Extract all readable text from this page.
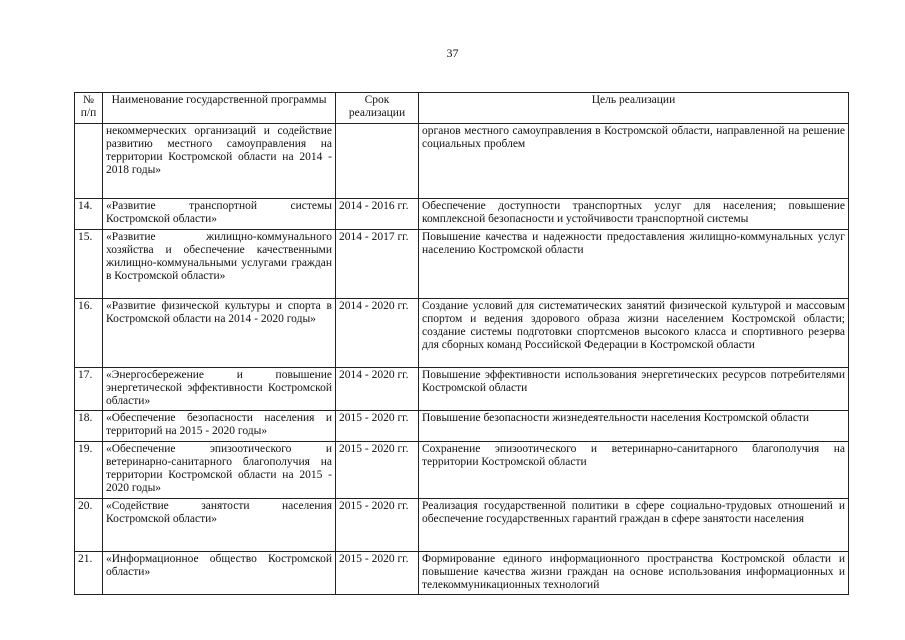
37
№ п/п	Наименование государственной программы	Срок реализации	Цель реализации
	некоммерческих организаций и содействие развитию местного самоуправления на территории Костромской области на 2014 - 2018 годы»		органов местного самоуправления в Костромской области, направленной на решение социальных проблем
14.	«Развитие транспортной системы Костромской области»	2014 - 2016 гг.	Обеспечение доступности транспортных услуг для населения; повышение комплексной безопасности и устойчивости транспортной системы
15.	«Развитие жилищно-коммунального хозяйства и обеспечение качественными жилищно-коммунальными услугами граждан в Костромской области»	2014 - 2017 гг.	Повышение качества и надежности предоставления жилищно-коммунальных услуг населению Костромской области
16.	«Развитие физической культуры и спорта в Костромской области на 2014 - 2020 годы»	2014 - 2020 гг.	Создание условий для систематических занятий физической культурой и массовым спортом и ведения здорового образа жизни населением Костромской области; создание системы подготовки спортсменов высокого класса и спортивного резерва для сборных команд Российской Федерации в Костромской области
17.	«Энергосбережение и повышение энергетической эффективности Костромской области»	2014 - 2020 гг.	Повышение эффективности использования энергетических ресурсов потребителями Костромской области
18.	«Обеспечение безопасности населения и территорий на 2015 - 2020 годы»	2015 - 2020 гг.	Повышение безопасности жизнедеятельности населения Костромской области
19.	«Обеспечение эпизоотического и ветеринарно-санитарного благополучия на территории Костромской области на 2015 - 2020 годы»	2015 - 2020 гг.	Сохранение эпизоотического и ветеринарно-санитарного благополучия на территории Костромской области
20.	«Содействие занятости населения Костромской области»	2015 - 2020 гг.	Реализация государственной политики в сфере социально-трудовых отношений и обеспечение государственных гарантий граждан в сфере занятости населения
21.	«Информационное общество Костромской области»	2015 - 2020 гг.	Формирование единого информационного пространства Костромской области и повышение качества жизни граждан на основе использования информационных и телекоммуникационных технологий
